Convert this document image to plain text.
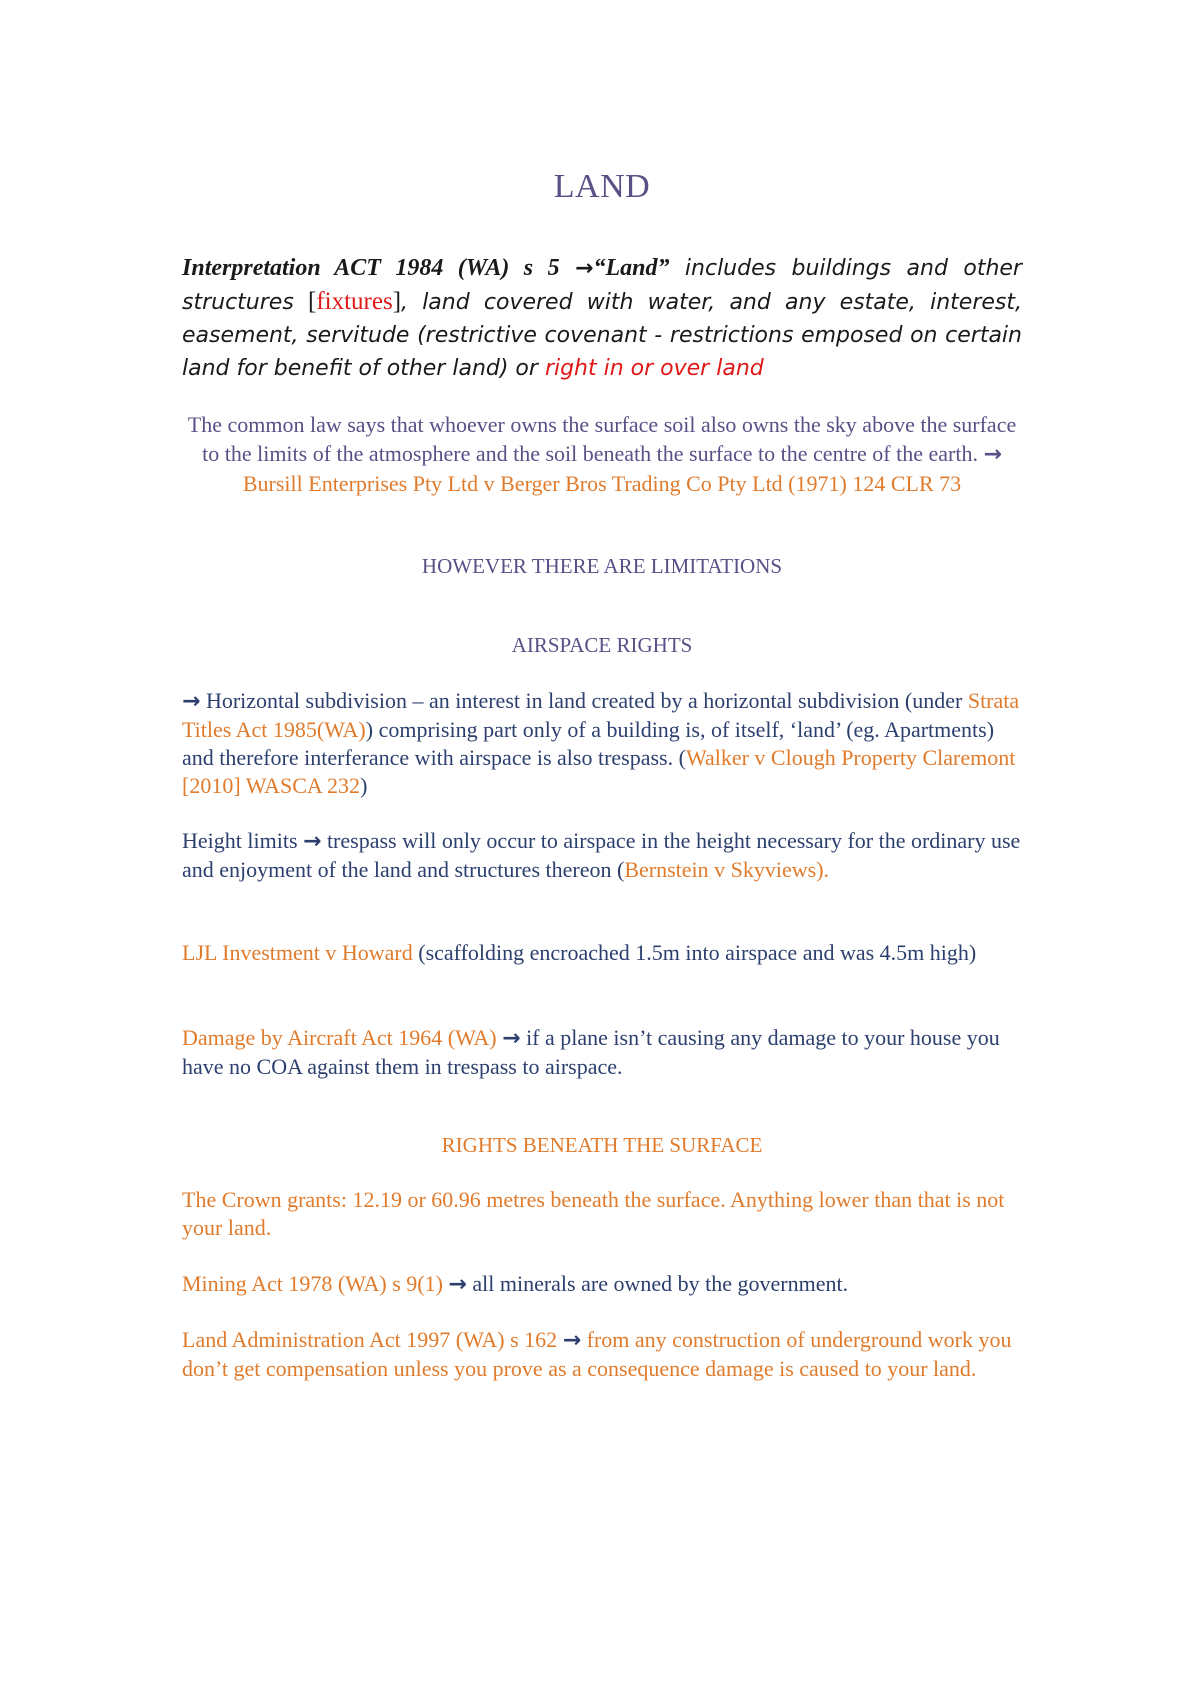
LAND
Interpretation ACT 1984 (WA) s 5 →“Land” includes buildings and other structures [fixtures], land covered with water, and any estate, interest, easement, servitude (restrictive covenant - restrictions emposed on certain land for benefit of other land) or right in or over land
The common law says that whoever owns the surface soil also owns the sky above the surface to the limits of the atmosphere and the soil beneath the surface to the centre of the earth. → Bursill Enterprises Pty Ltd v Berger Bros Trading Co Pty Ltd (1971) 124 CLR 73
HOWEVER THERE ARE LIMITATIONS
AIRSPACE RIGHTS
→ Horizontal subdivision – an interest in land created by a horizontal subdivision (under Strata Titles Act 1985(WA)) comprising part only of a building is, of itself, ‘land’ (eg. Apartments) and therefore interferance with airspace is also trespass. (Walker v Clough Property Claremont [2010] WASCA 232)
Height limits → trespass will only occur to airspace in the height necessary for the ordinary use and enjoyment of the land and structures thereon (Bernstein v Skyviews).
LJL Investment v Howard (scaffolding encroached 1.5m into airspace and was 4.5m high)
Damage by Aircraft Act 1964 (WA) → if a plane isn’t causing any damage to your house you have no COA against them in trespass to airspace.
RIGHTS BENEATH THE SURFACE
The Crown grants: 12.19 or 60.96 metres beneath the surface. Anything lower than that is not your land.
Mining Act 1978 (WA) s 9(1) → all minerals are owned by the government.
Land Administration Act 1997 (WA) s 162 → from any construction of underground work you don’t get compensation unless you prove as a consequence damage is caused to your land.
